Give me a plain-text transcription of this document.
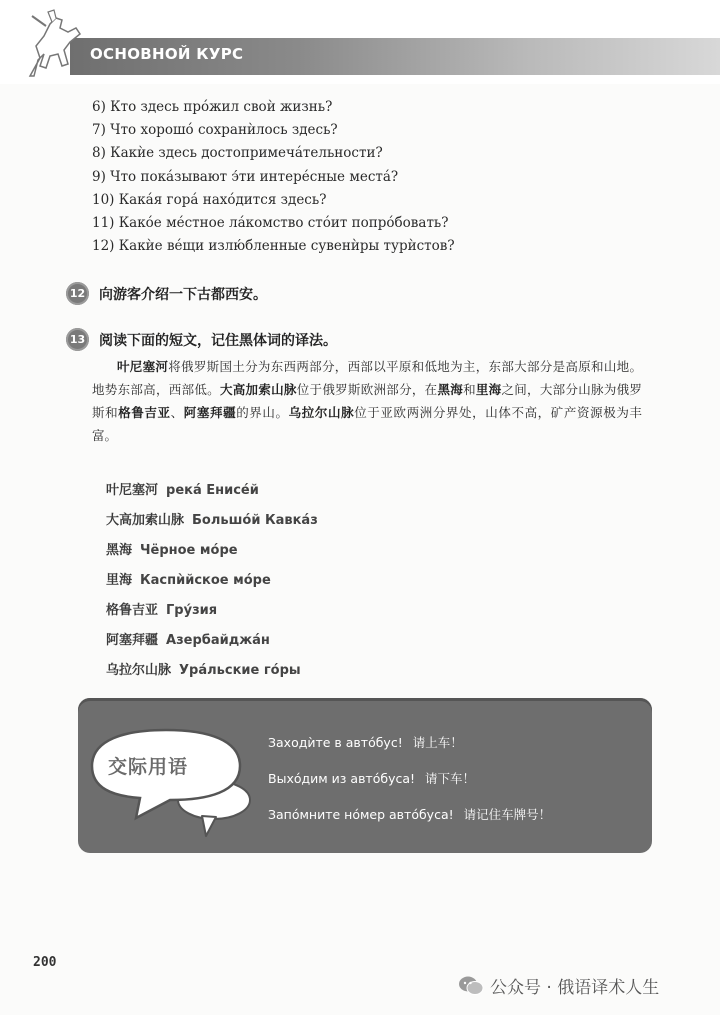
ОСНОВНОЙ КУРС
6) Кто здесь прóжил своѝ жизнь?
7) Что хорошó сохранѝлось здесь?
8) Какѝе здесь достопримечáтельности?
9) Что покáзывают э́ти интерéсные местá?
10) Какáя горá нахóдится здесь?
11) Какóе мéстное лáкомство стóит попрóбовать?
12) Какѝе вéщи излю́бленные сувенѝры турѝстов?
12 向游客介绍一下古都西安。
13 阅读下面的短文，记住黑体词的译法。
叶尼塞河将俄罗斯国土分为东西两部分，西部以平原和低地为主，东部大部分是高原和山地。地势东部高，西部低。大高加索山脉位于俄罗斯欧洲部分，在黑海和里海之间，大部分山脉为俄罗斯和格鲁吉亚、阿塞拜疆的界山。乌拉尔山脉位于亚欧两洲分界处，山体不高，矿产资源极为丰富。
叶尼塞河 рекá Енисéй
大高加索山脉 Большóй Кавкáз
黑海 Чёрное мóре
里海 Каспѝйское мóре
格鲁吉亚 Грýзия
阿塞拜疆 Азербайджáн
乌拉尔山脉 Урáльские гóры
交际用语
Заходѝте в автóбус! 请上车！
Выхóдим из автóбуса! 请下车！
Запóмните нóмер автóбуса! 请记住车牌号！
200
公众号 · 俄语译术人生
